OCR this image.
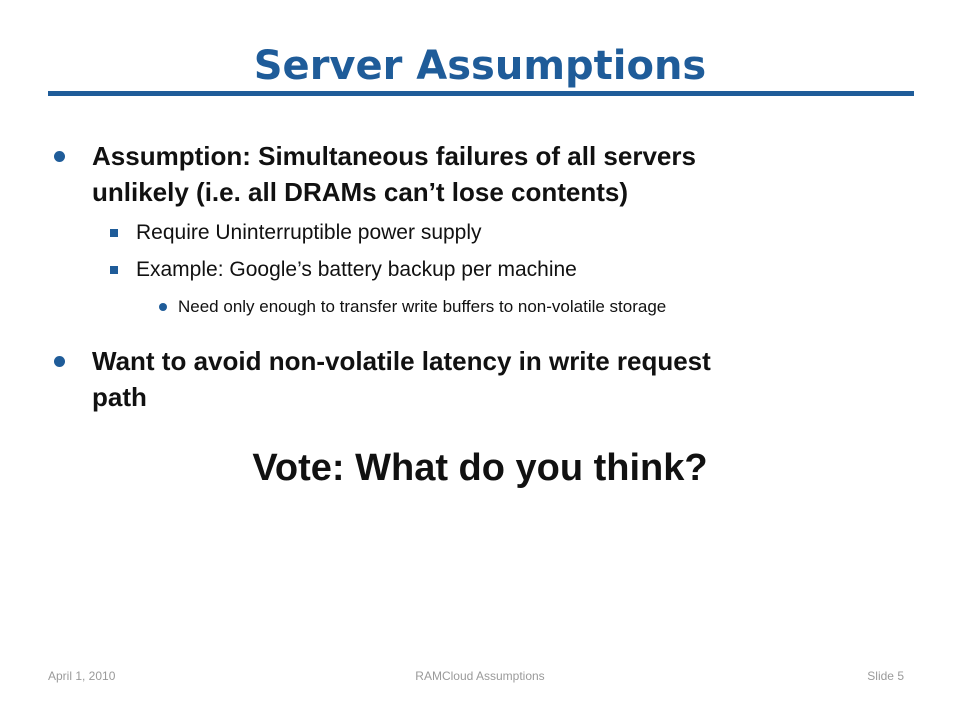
Server Assumptions
Assumption: Simultaneous failures of all servers
unlikely (i.e. all DRAMs can’t lose contents)
Require Uninterruptible power supply
Example: Google’s battery backup per machine
Need only enough to transfer write buffers to non-volatile storage
Want to avoid non-volatile latency in write request
path
Vote: What do you think?
April 1, 2010	RAMCloud Assumptions	Slide 5
